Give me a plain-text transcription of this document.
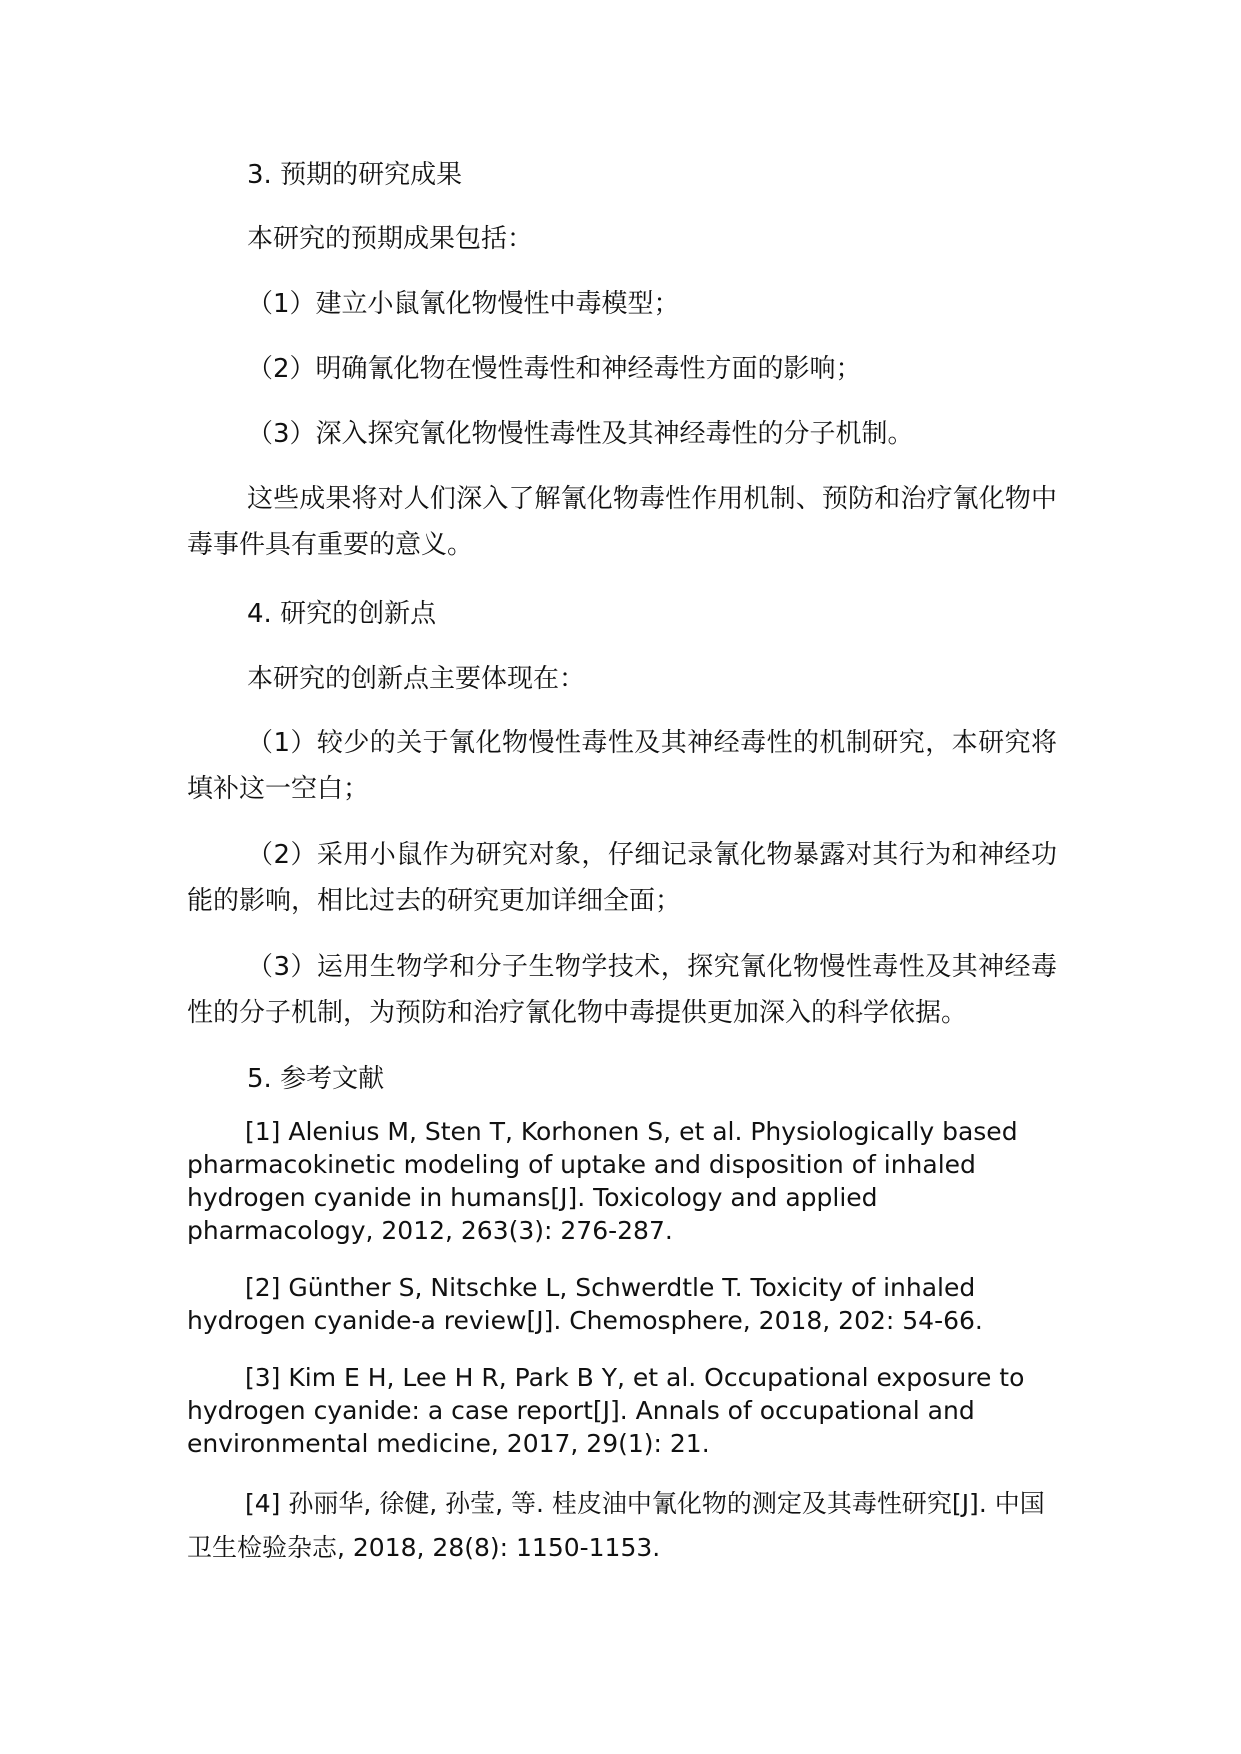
3. 预期的研究成果

本研究的预期成果包括：

（1）建立小鼠氰化物慢性中毒模型；

（2）明确氰化物在慢性毒性和神经毒性方面的影响；

（3）深入探究氰化物慢性毒性及其神经毒性的分子机制。

这些成果将对人们深入了解氰化物毒性作用机制、预防和治疗氰化物中毒事件具有重要的意义。

4. 研究的创新点

本研究的创新点主要体现在：

（1）较少的关于氰化物慢性毒性及其神经毒性的机制研究，本研究将填补这一空白；

（2）采用小鼠作为研究对象，仔细记录氰化物暴露对其行为和神经功能的影响，相比过去的研究更加详细全面；

（3）运用生物学和分子生物学技术，探究氰化物慢性毒性及其神经毒性的分子机制，为预防和治疗氰化物中毒提供更加深入的科学依据。

5. 参考文献

[1] Alenius M, Sten T, Korhonen S, et al. Physiologically based pharmacokinetic modeling of uptake and disposition of inhaled hydrogen cyanide in humans[J]. Toxicology and applied pharmacology, 2012, 263(3): 276-287.

[2] Günther S, Nitschke L, Schwerdtle T. Toxicity of inhaled hydrogen cyanide-a review[J]. Chemosphere, 2018, 202: 54-66.

[3] Kim E H, Lee H R, Park B Y, et al. Occupational exposure to hydrogen cyanide: a case report[J]. Annals of occupational and environmental medicine, 2017, 29(1): 21.

[4] 孙丽华, 徐健, 孙莹, 等. 桂皮油中氰化物的测定及其毒性研究[J]. 中国卫生检验杂志, 2018, 28(8): 1150-1153.
